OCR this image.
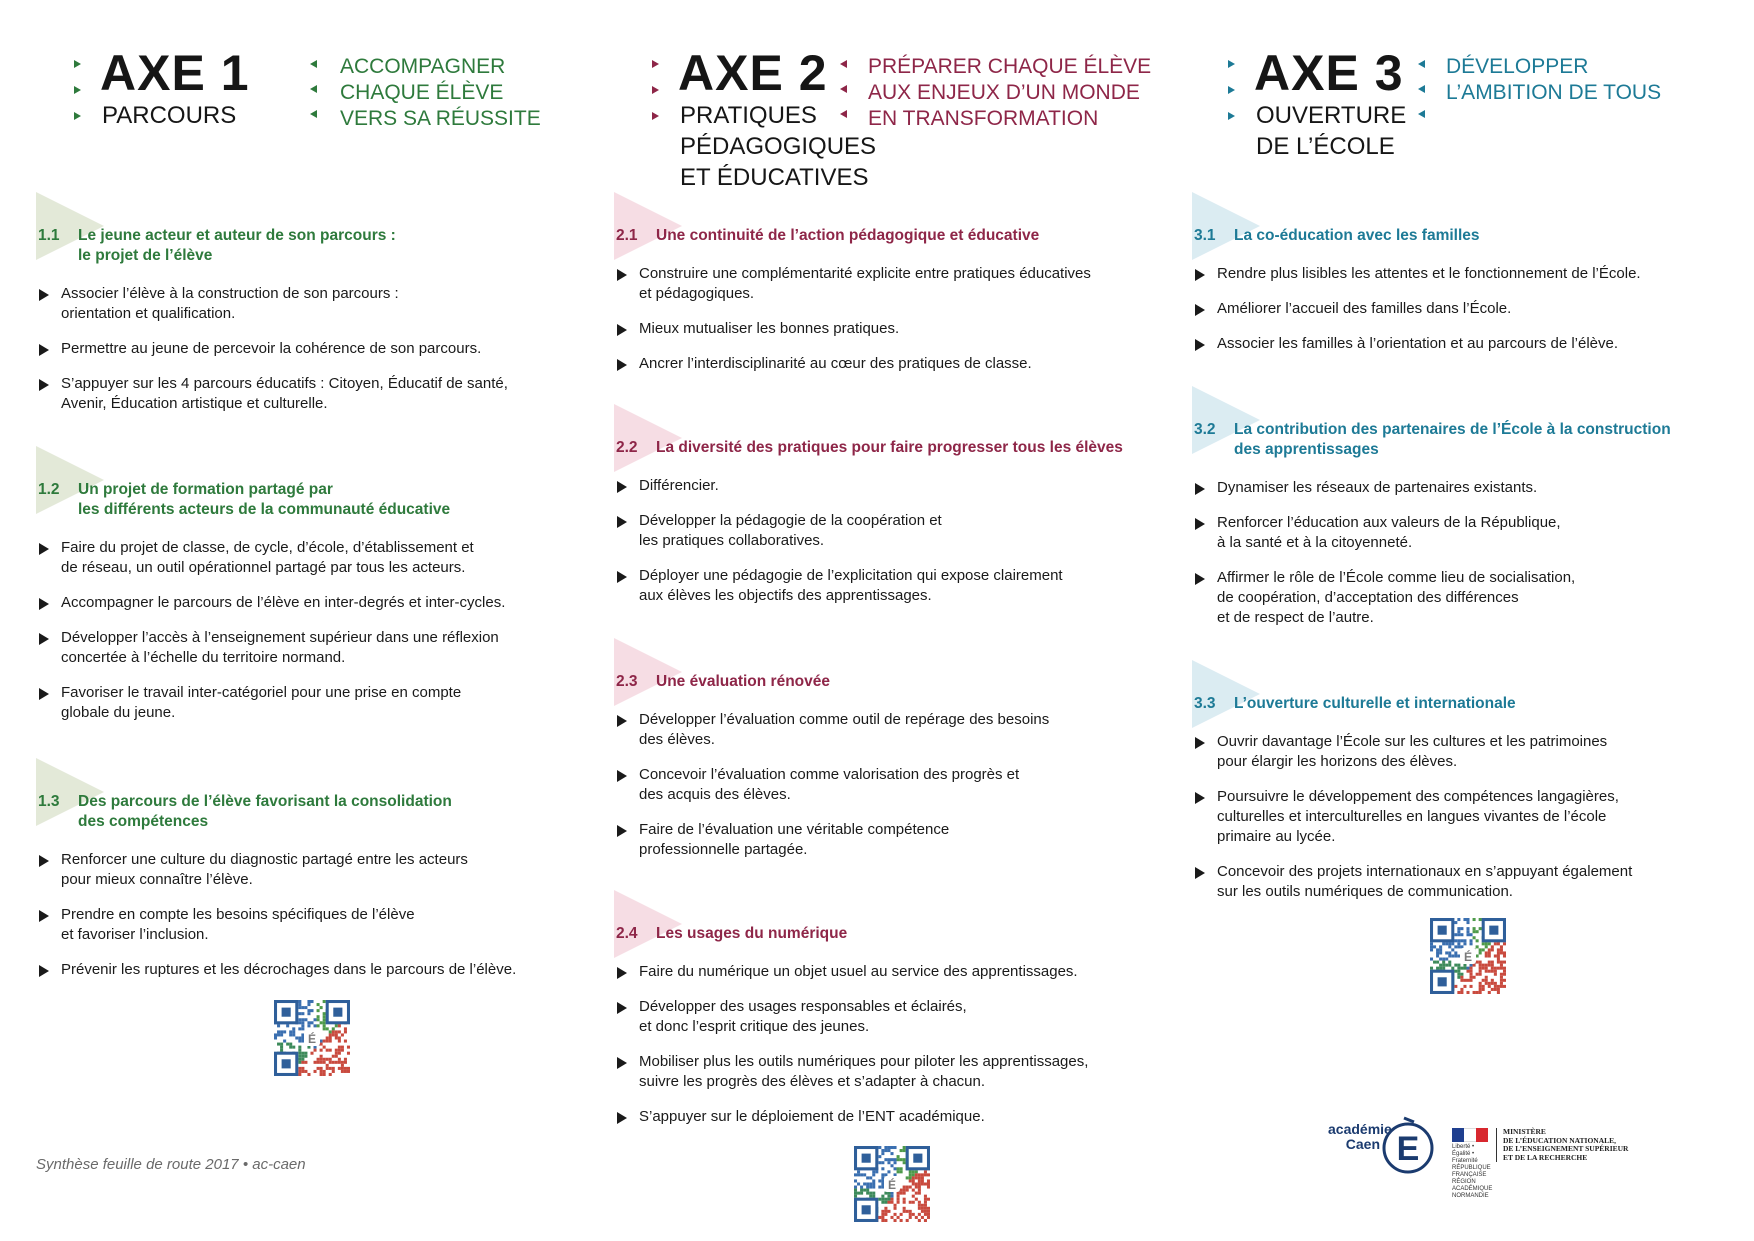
AXE 1
PARCOURS
ACCOMPAGNER
CHAQUE ÉLÈVE
VERS SA RÉUSSITE
1.1	Le jeune acteur et auteur de son parcours :
le projet de l’élève
Associer l’élève à la construction de son parcours :
orientation et qualification.
Permettre au jeune de percevoir la cohérence de son parcours.
S’appuyer sur les 4 parcours éducatifs : Citoyen, Éducatif de santé,
Avenir, Éducation artistique et culturelle.
1.2	Un projet de formation partagé par
les différents acteurs de la communauté éducative
Faire du projet de classe, de cycle, d’école, d’établissement et
de réseau, un outil opérationnel partagé par tous les acteurs.
Accompagner le parcours de l’élève en inter-degrés et inter-cycles.
Développer l’accès à l’enseignement supérieur dans une réflexion
concertée à l’échelle du territoire normand.
Favoriser le travail inter-catégoriel pour une prise en compte
globale du jeune.
1.3	Des parcours de l’élève favorisant la consolidation
des compétences
Renforcer une culture du diagnostic partagé entre les acteurs
pour mieux connaître l’élève.
Prendre en compte les besoins spécifiques de l’élève
et favoriser l’inclusion.
Prévenir les ruptures et les décrochages dans le parcours de l’élève.
É
AXE 2
PRATIQUES
PÉDAGOGIQUES
ET ÉDUCATIVES
PRÉPARER CHAQUE ÉLÈVE
AUX ENJEUX D’UN MONDE
EN TRANSFORMATION
2.1	Une continuité de l’action pédagogique et éducative
Construire une complémentarité explicite entre pratiques éducatives
et pédagogiques.
Mieux mutualiser les bonnes pratiques.
Ancrer l’interdisciplinarité au cœur des pratiques de classe.
2.2	La diversité des pratiques pour faire progresser tous les élèves
Différencier.
Développer la pédagogie de la coopération et
les pratiques collaboratives.
Déployer une pédagogie de l’explicitation qui expose clairement
aux élèves les objectifs des apprentissages.
2.3	Une évaluation rénovée
Développer l’évaluation comme outil de repérage des besoins
des élèves.
Concevoir l’évaluation comme valorisation des progrès et
des acquis des élèves.
Faire de l’évaluation une véritable compétence
professionnelle partagée.
2.4	Les usages du numérique
Faire du numérique un objet usuel au service des apprentissages.
Développer des usages responsables et éclairés,
et donc l’esprit critique des jeunes.
Mobiliser plus les outils numériques pour piloter les apprentissages,
suivre les progrès des élèves et s’adapter à chacun.
S’appuyer sur le déploiement de l’ENT académique.
É
AXE 3
OUVERTURE
DE L’ÉCOLE
DÉVELOPPER
L’AMBITION DE TOUS
3.1	La co-éducation avec les familles
Rendre plus lisibles les attentes et le fonctionnement de l’École.
Améliorer l’accueil des familles dans l’École.
Associer les familles à l’orientation et au parcours de l’élève.
3.2	La contribution des partenaires de l’École à la construction
des apprentissages
Dynamiser les réseaux de partenaires existants.
Renforcer l’éducation aux valeurs de la République,
à la santé et à la citoyenneté.
Affirmer le rôle de l’École comme lieu de socialisation,
de coopération, d’acceptation des différences
et de respect de l’autre.
3.3	L’ouverture culturelle et internationale
Ouvrir davantage l’École sur les cultures et les patrimoines
pour élargir les horizons des élèves.
Poursuivre le développement des compétences langagières,
culturelles et interculturelles en langues vivantes de l’école
primaire au lycée.
Concevoir des projets internationaux en s’appuyant également
sur les outils numériques de communication.
É
Synthèse feuille de route 2017 • ac-caen
académie
Caen E	Liberté • Égalité • Fraternité
RÉPUBLIQUE FRANÇAISE
RÉGION ACADÉMIQUE
NORMANDIE
MINISTÈRE
DE L’ÉDUCATION NATIONALE,
DE L’ENSEIGNEMENT SUPÉRIEUR
ET DE LA RECHERCHE
